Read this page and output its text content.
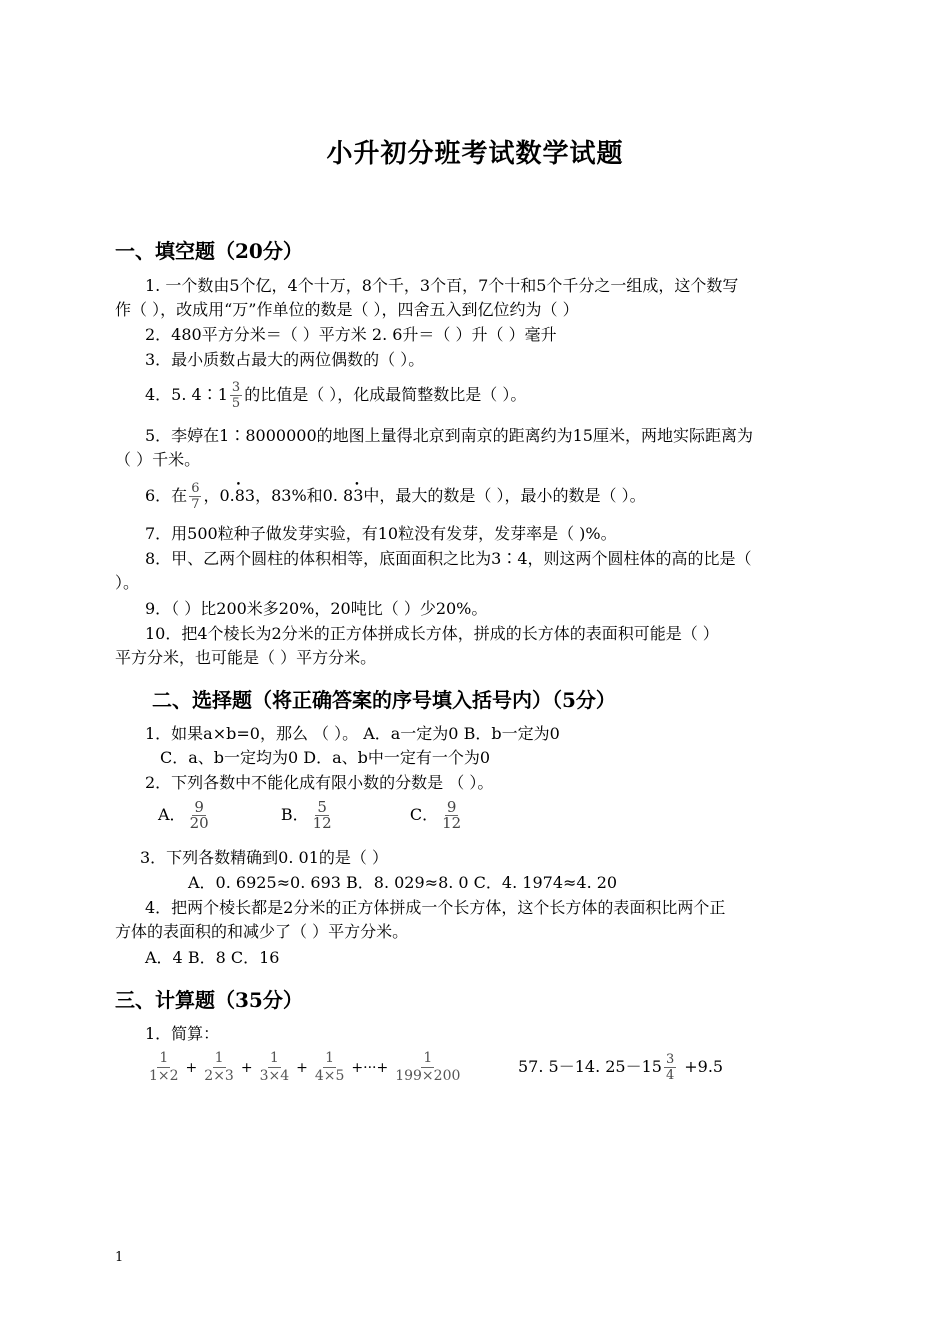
小升初分班考试数学试题
一、填空题（20分）
1. 一个数由5个亿，4个十万，8个千，3个百，7个十和5个千分之一组成，这个数写
作（ ），改成用“万”作单位的数是（ ），四舍五入到亿位约为（ ）
2．480平方分米＝（ ）平方米 2. 6升＝（ ）升（ ）毫升
3．最小质数占最大的两位偶数的（ ）。
4．5. 4∶1 $\frac{3}{5}$ 的比值是（ ），化成最简整数比是（ ）。
5．李婷在1∶8000000的地图上量得北京到南京的距离约为15厘米，两地实际距离为
（ ）千米。
6．在 $\frac{6}{7}$ ，0.• 83，83%和0. 8• 3中，最大的数是（ ），最小的数是（ ）。
7．用500粒种子做发芽实验，有10粒没有发芽，发芽率是（ )%。
8．甲、乙两个圆柱的体积相等，底面面积之比为3∶4，则这两个圆柱体的高的比是（
）。
9．（ ）比200米多20%，20吨比（ ）少20%。
10．把4个棱长为2分米的正方体拼成长方体，拼成的长方体的表面积可能是（ ）
平方分米，也可能是（ ）平方分米。
二、选择题（将正确答案的序号填入括号内）（5分）
1．如果a×b=0，那么 （ ）。 A．a一定为0 B．b一定为0
C．a、b一定均为0 D．a、b中一定有一个为0
2．下列各数中不能化成有限小数的分数是 （ ）。
A． $\frac{9}{20}$	B． $\frac{5}{12}$	C． $\frac{9}{12}$
3．下列各数精确到0. 01的是（ ）
A．0. 6925≈0. 693 B．8. 029≈8. 0 C．4. 1974≈4. 20
4．把两个棱长都是2分米的正方体拼成一个长方体，这个长方体的表面积比两个正
方体的表面积的和减少了（ ）平方分米。
A．4 B．8 C．16
三、计算题（35分）
1．简算：
$\frac{1}{1\times 2} + \frac{1}{2\times 3} + \frac{1}{3\times 4} + \frac{1}{4\times 5}$ +···+ $\frac{1}{199\times 200}$	57. 5－14. $25-15 \frac{3}{4} +9.5$
1
